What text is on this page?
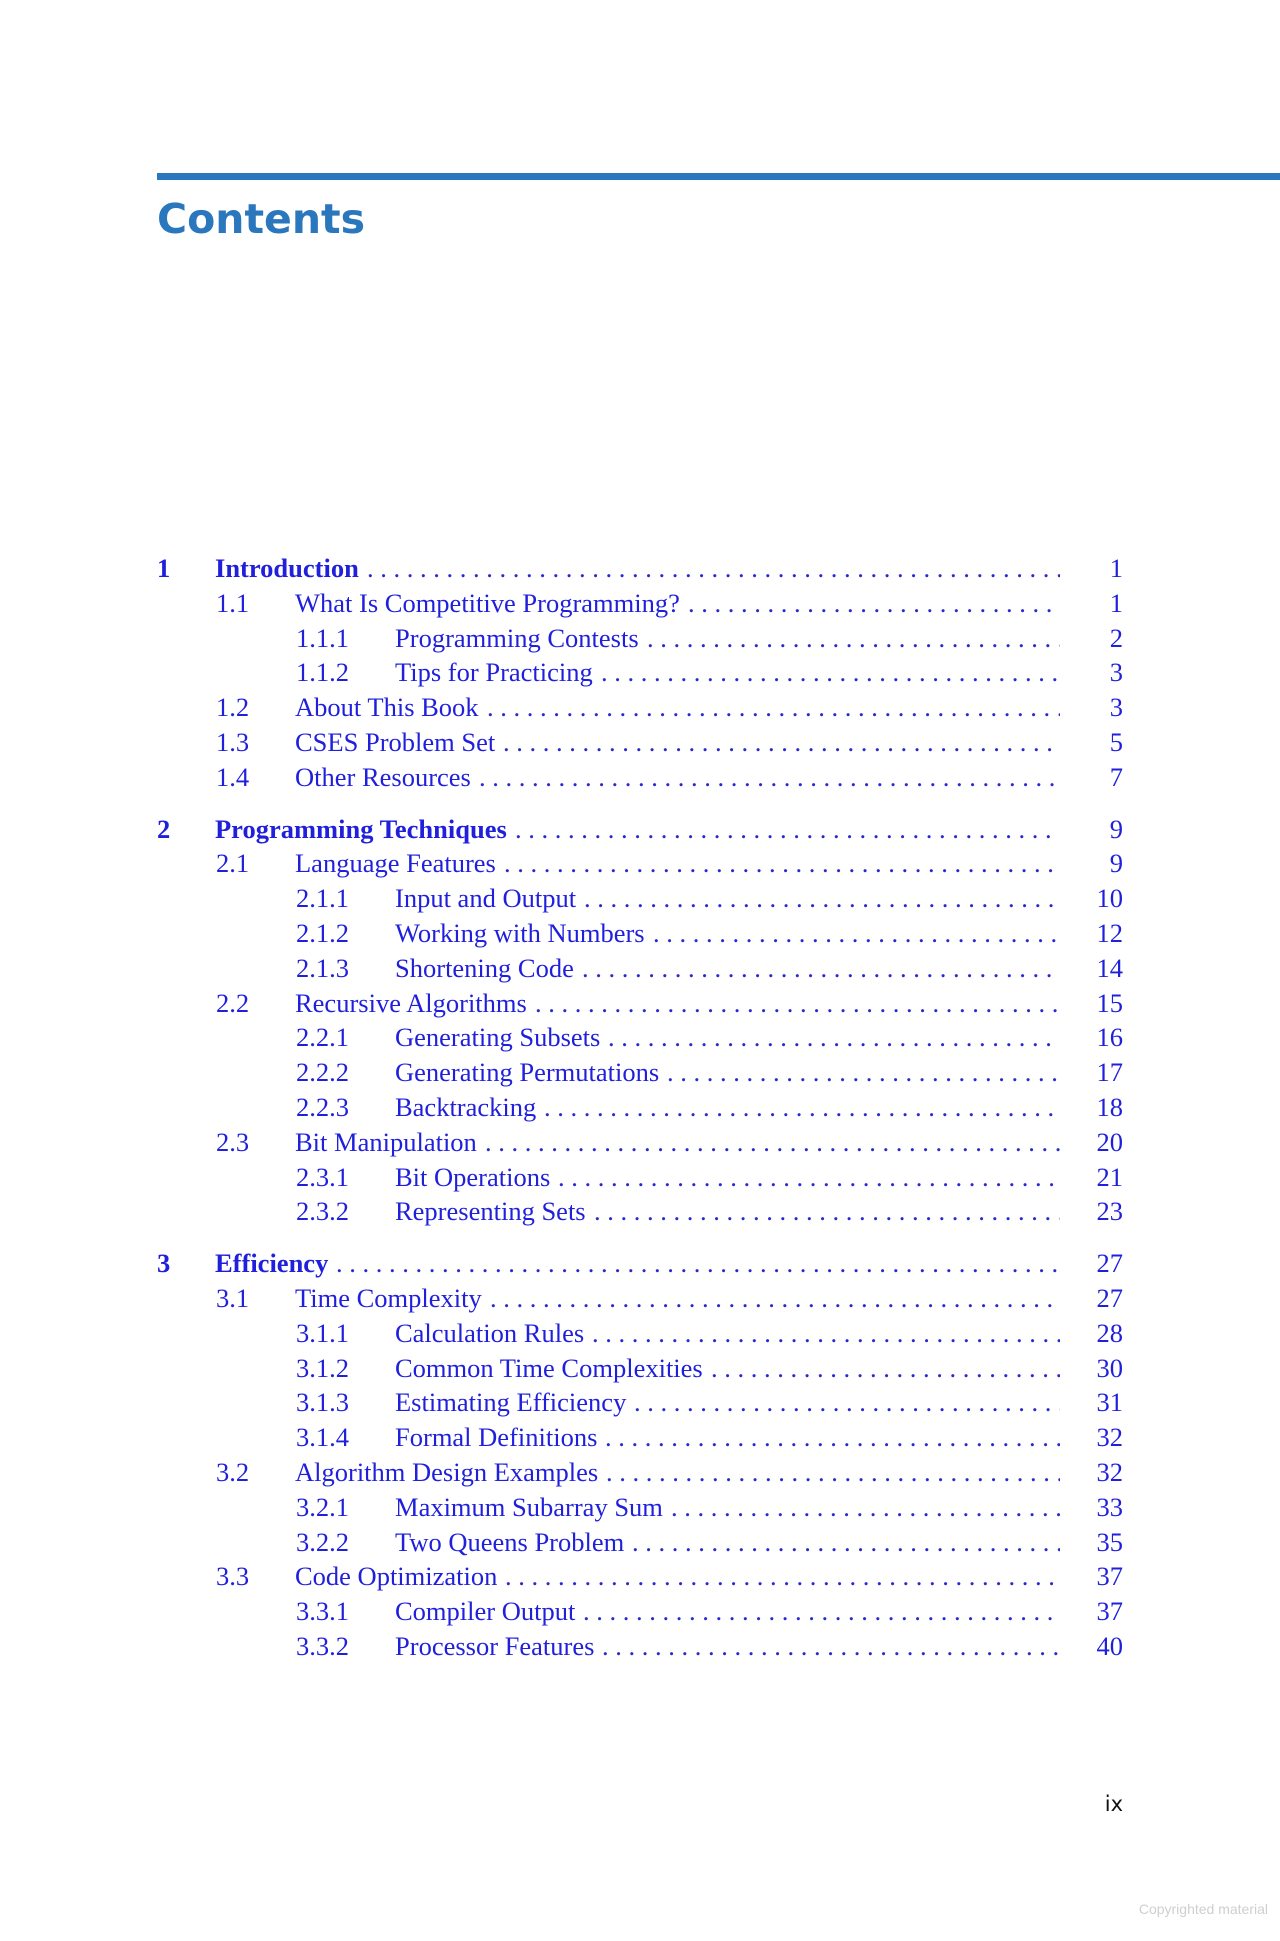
Contents
1 Introduction . . .	1
1.1 What Is Competitive Programming? . . .	1
1.1.1 Programming Contests . . .	2
1.1.2 Tips for Practicing . . .	3
1.2 About This Book . . .	3
1.3 CSES Problem Set . . .	5
1.4 Other Resources . . .	7
2 Programming Techniques . . .	9
2.1 Language Features . . .	9
2.1.1 Input and Output . . .	10
2.1.2 Working with Numbers . . .	12
2.1.3 Shortening Code . . .	14
2.2 Recursive Algorithms . . .	15
2.2.1 Generating Subsets . . .	16
2.2.2 Generating Permutations . . .	17
2.2.3 Backtracking . . .	18
2.3 Bit Manipulation . . .	20
2.3.1 Bit Operations . . .	21
2.3.2 Representing Sets . . .	23
3 Efficiency . . .	27
3.1 Time Complexity . . .	27
3.1.1 Calculation Rules . . .	28
3.1.2 Common Time Complexities . . .	30
3.1.3 Estimating Efficiency . . .	31
3.1.4 Formal Definitions . . .	32
3.2 Algorithm Design Examples . . .	32
3.2.1 Maximum Subarray Sum . . .	33
3.2.2 Two Queens Problem . . .	35
3.3 Code Optimization . . .	37
3.3.1 Compiler Output . . .	37
3.3.2 Processor Features . . .	40
ix
Copyrighted material
